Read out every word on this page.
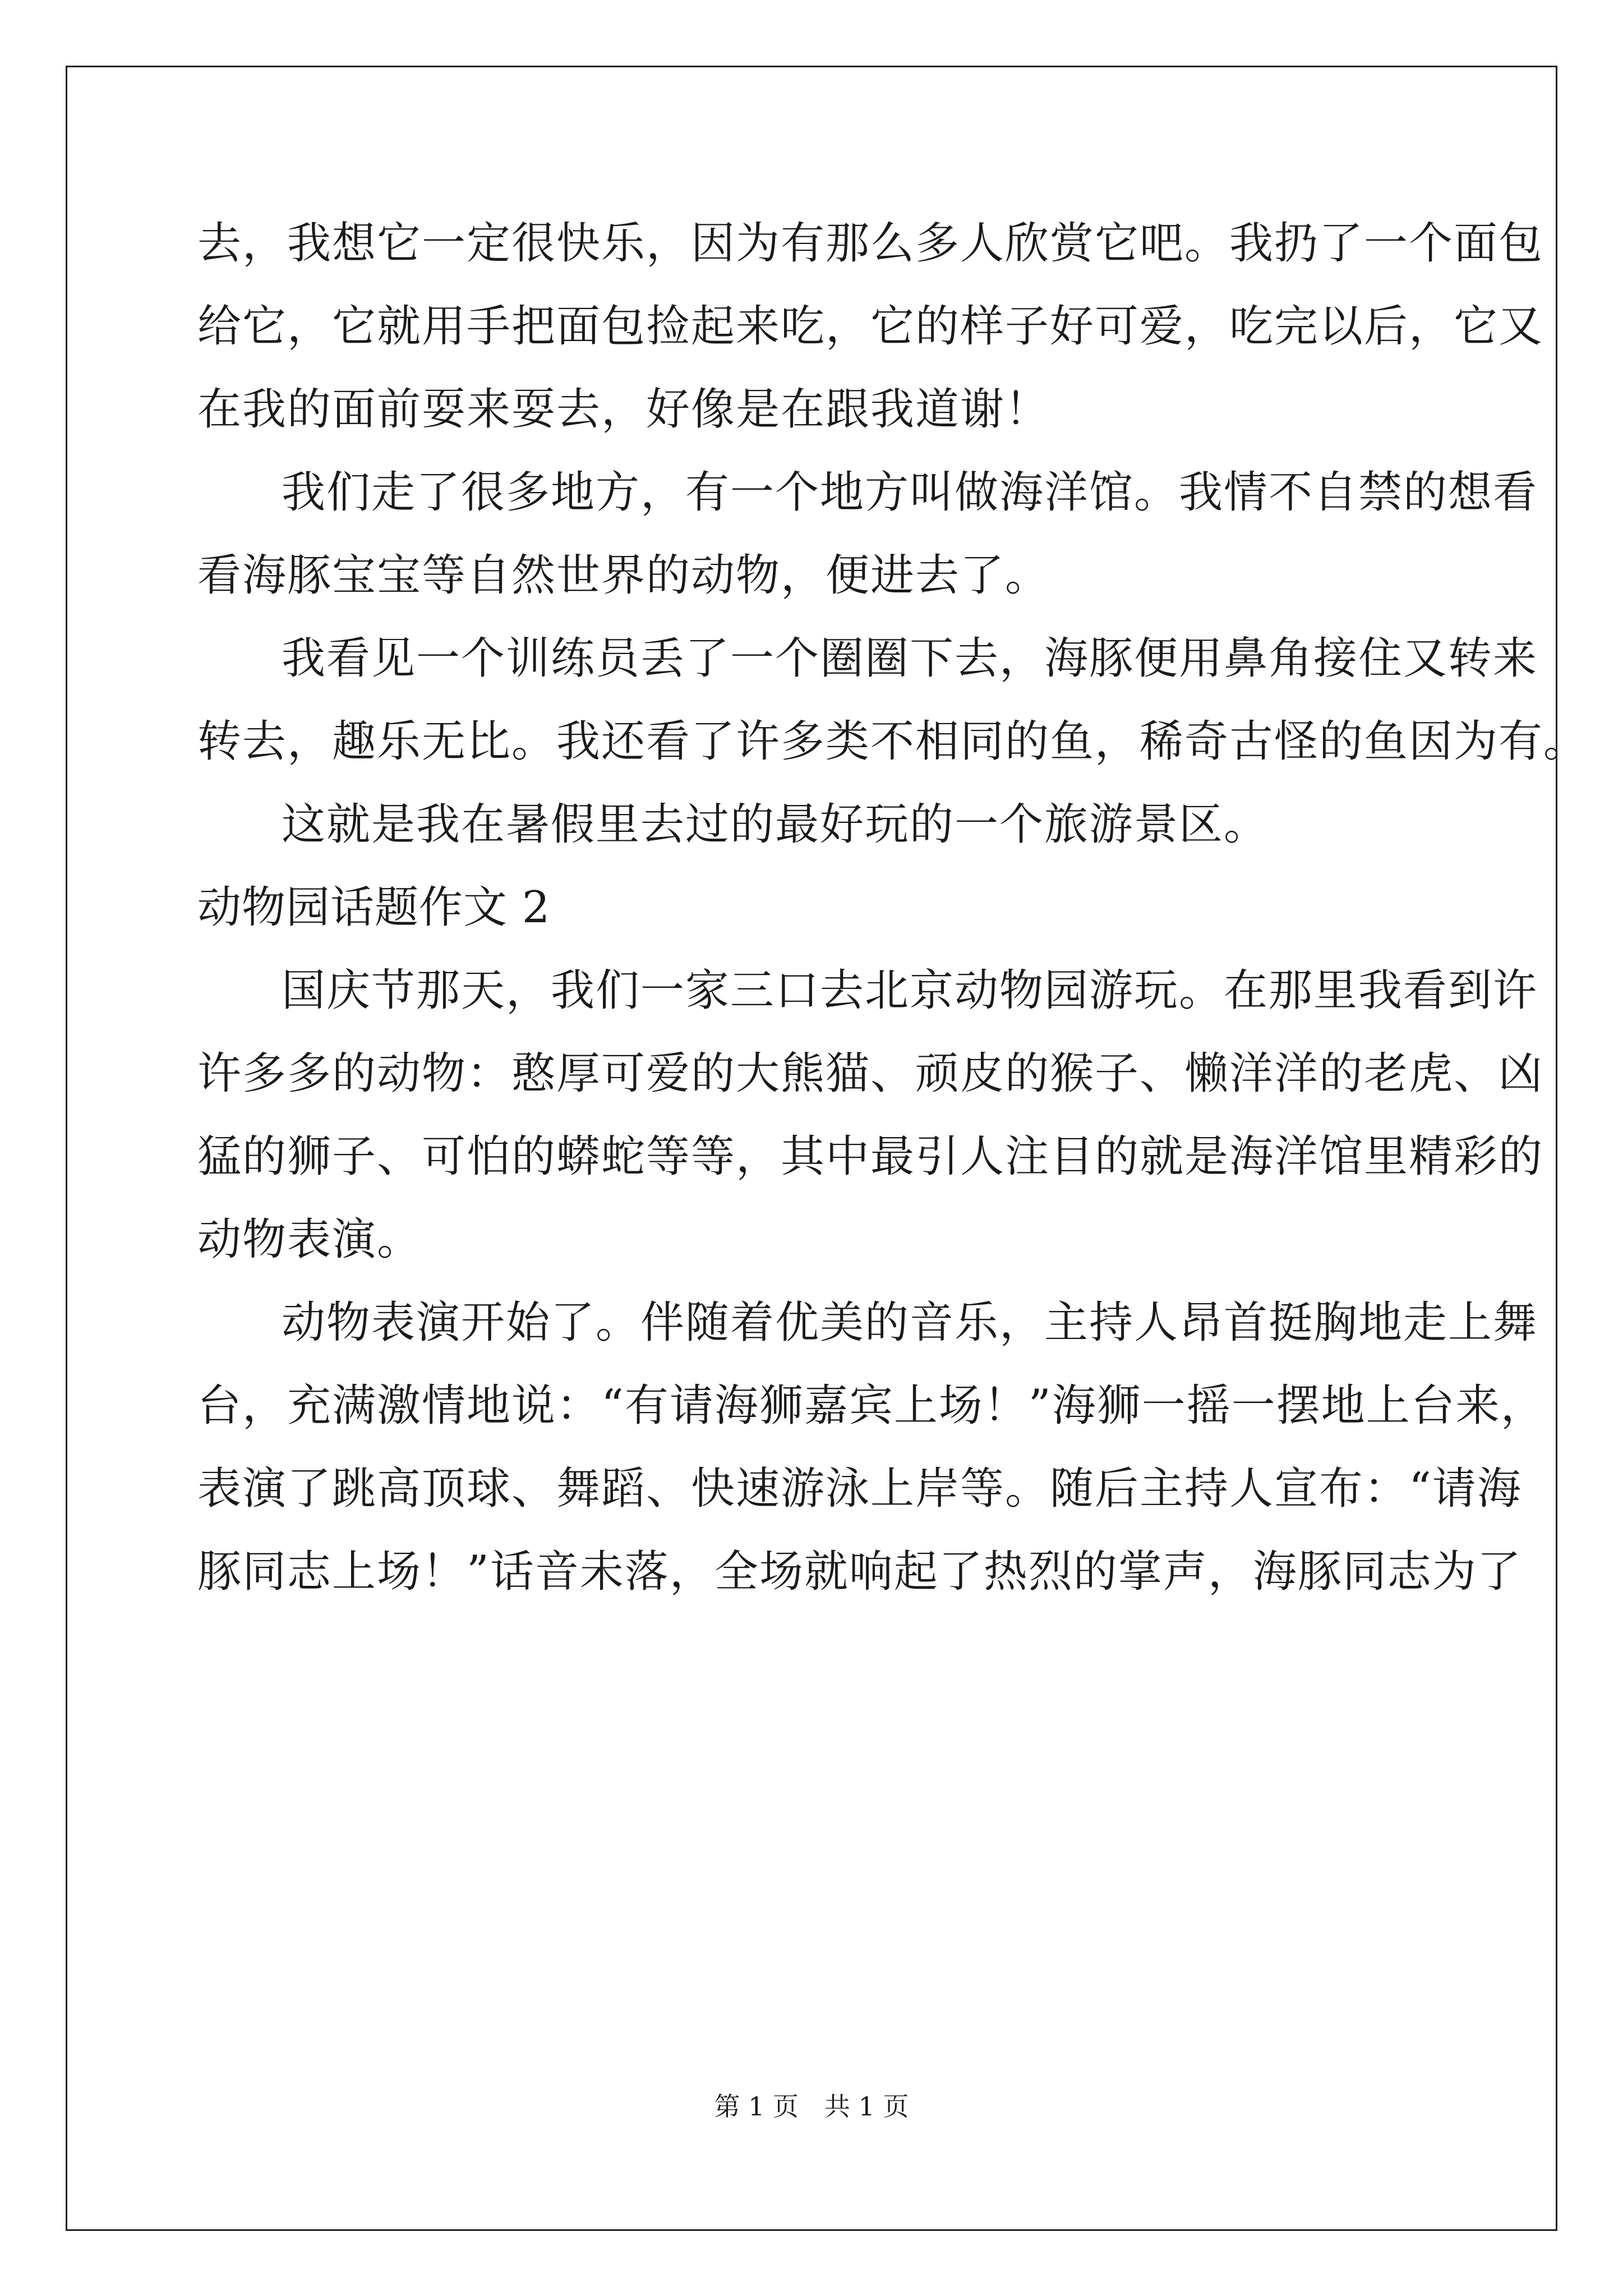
去，我想它一定很快乐，因为有那么多人欣赏它吧。我扔了一个面包
给它，它就用手把面包捡起来吃，它的样子好可爱，吃完以后，它又
在我的面前耍来耍去，好像是在跟我道谢！
我们走了很多地方，有一个地方叫做海洋馆。我情不自禁的想看
看海豚宝宝等自然世界的动物，便进去了。
我看见一个训练员丢了一个圈圈下去，海豚便用鼻角接住又转来
转去，趣乐无比。我还看了许多类不相同的鱼，稀奇古怪的鱼因为有。
这就是我在暑假里去过的最好玩的一个旅游景区。
动物园话题作文 2
国庆节那天，我们一家三口去北京动物园游玩。在那里我看到许
许多多的动物：憨厚可爱的大熊猫、顽皮的猴子、懒洋洋的老虎、凶
猛的狮子、可怕的蟒蛇等等，其中最引人注目的就是海洋馆里精彩的
动物表演。
动物表演开始了。伴随着优美的音乐，主持人昂首挺胸地走上舞
台，充满激情地说：“有请海狮嘉宾上场！”海狮一摇一摆地上台来，
表演了跳高顶球、舞蹈、快速游泳上岸等。随后主持人宣布：“请海
豚同志上场！”话音未落，全场就响起了热烈的掌声，海豚同志为了
第 1 页 共 1 页
